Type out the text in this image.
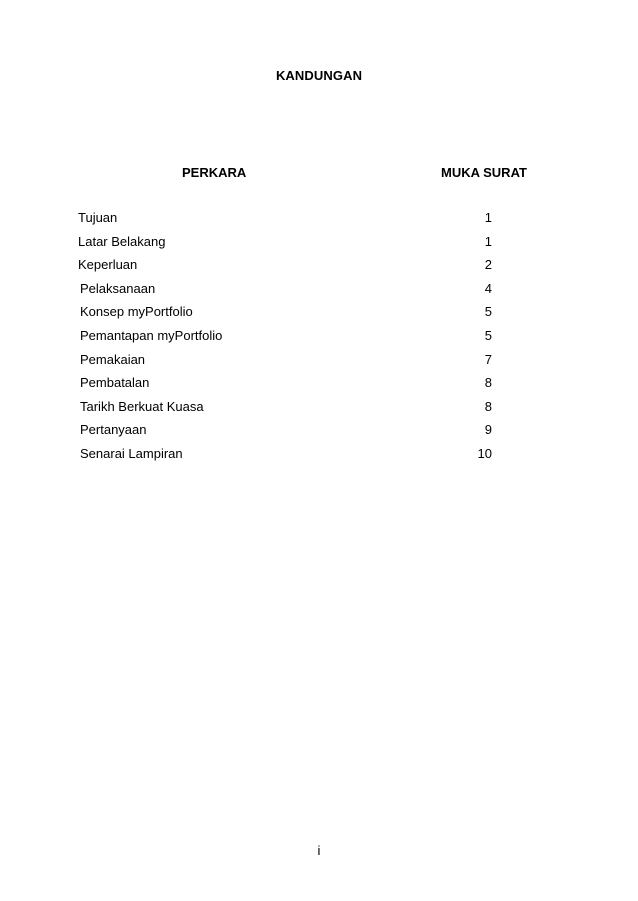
KANDUNGAN
PERKARA	MUKA SURAT
Tujuan	1
Latar Belakang	1
Keperluan	2
Pelaksanaan	4
Konsep myPortfolio	5
Pemantapan myPortfolio	5
Pemakaian	7
Pembatalan	8
Tarikh Berkuat Kuasa	8
Pertanyaan	9
Senarai Lampiran	10
i
